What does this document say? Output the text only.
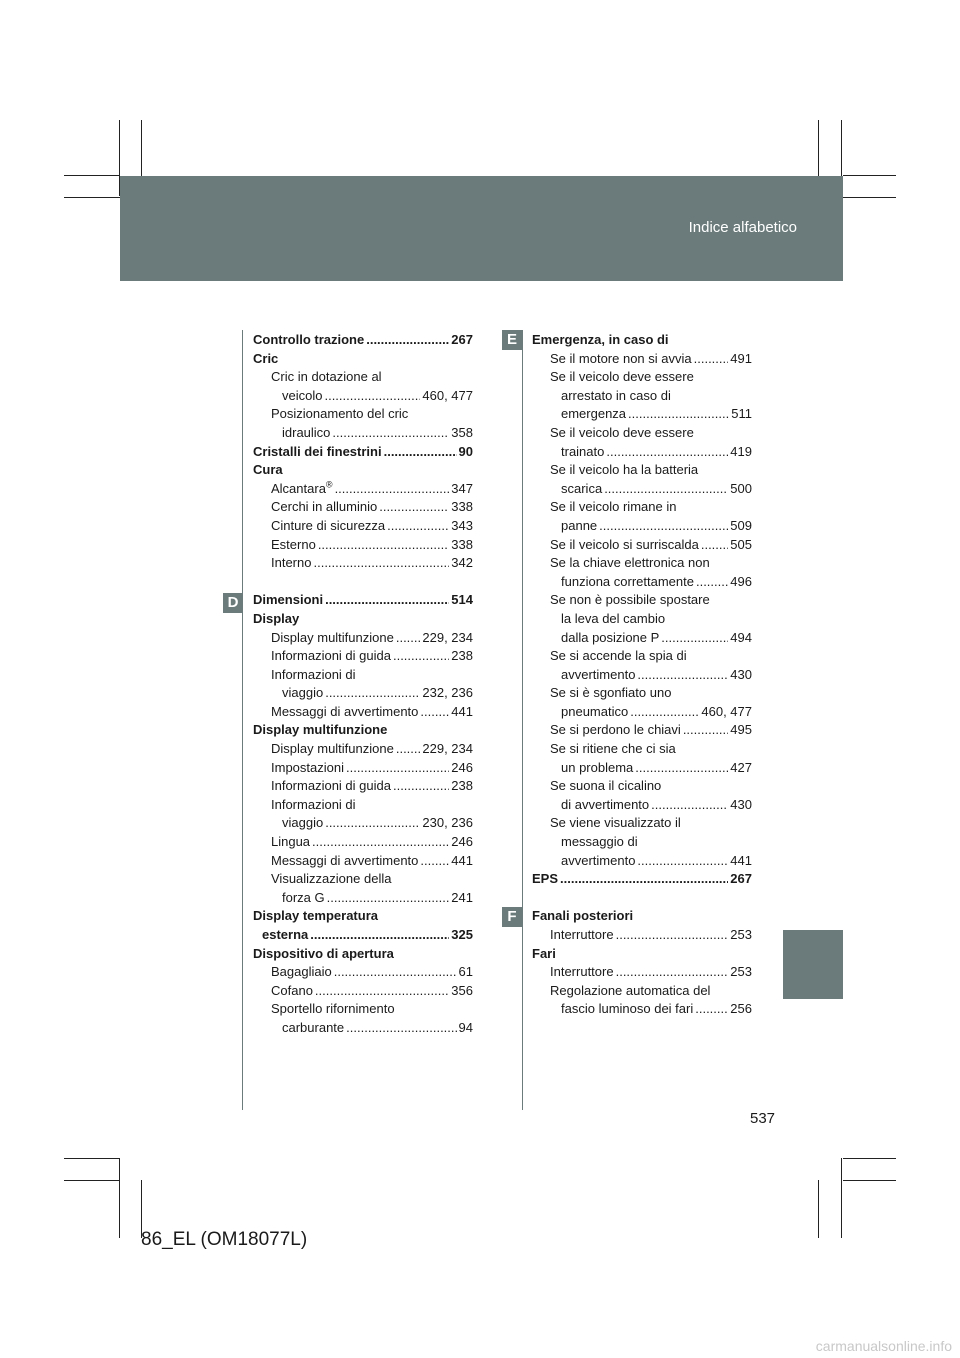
Indice alfabetico
D
E
F
Controllo trazione .....	267
Cric
Cric in dotazione al
veicolo .....	460, 477
Posizionamento del cric
idraulico .....	358
Cristalli dei finestrini .....	90
Cura
Alcantara® .....	347
Cerchi in alluminio .....	338
Cinture di sicurezza .....	343
Esterno .....	338
Interno .....	342
Dimensioni .....	514
Display
Display multifunzione ..... 229, 234
Informazioni di guida .....	238
Informazioni di
viaggio .....	232, 236
Messaggi di avvertimento .....	441
Display multifunzione
Display multifunzione ..... 229, 234
Impostazioni .....	246
Informazioni di guida .....	238
Informazioni di
viaggio .....	230, 236
Lingua .....	246
Messaggi di avvertimento .....	441
Visualizzazione della
forza G .....	241
Display temperatura
esterna .....	325
Dispositivo di apertura
Bagagliaio .....	61
Cofano .....	356
Sportello rifornimento
carburante .....	94
Emergenza, in caso di
Se il motore non si avvia .....	491
Se il veicolo deve essere
arrestato in caso di
emergenza .....	511
Se il veicolo deve essere
trainato .....	419
Se il veicolo ha la batteria
scarica .....	500
Se il veicolo rimane in
panne .....	509
Se il veicolo si surriscalda ..... 505
Se la chiave elettronica non
funziona correttamente .....	496
Se non è possibile spostare
la leva del cambio
dalla posizione P .....	494
Se si accende la spia di
avvertimento .....	430
Se si è sgonfiato uno
pneumatico .....	460, 477
Se si perdono le chiavi .....	495
Se si ritiene che ci sia
un problema .....	427
Se suona il cicalino
di avvertimento .....	430
Se viene visualizzato il
messaggio di
avvertimento .....	441
EPS .....	267
Fanali posteriori
Interruttore .....	253
Fari
Interruttore .....	253
Regolazione automatica del
fascio luminoso dei fari .....	256
537
86_EL (OM18077L)
carmanualsonline.info
